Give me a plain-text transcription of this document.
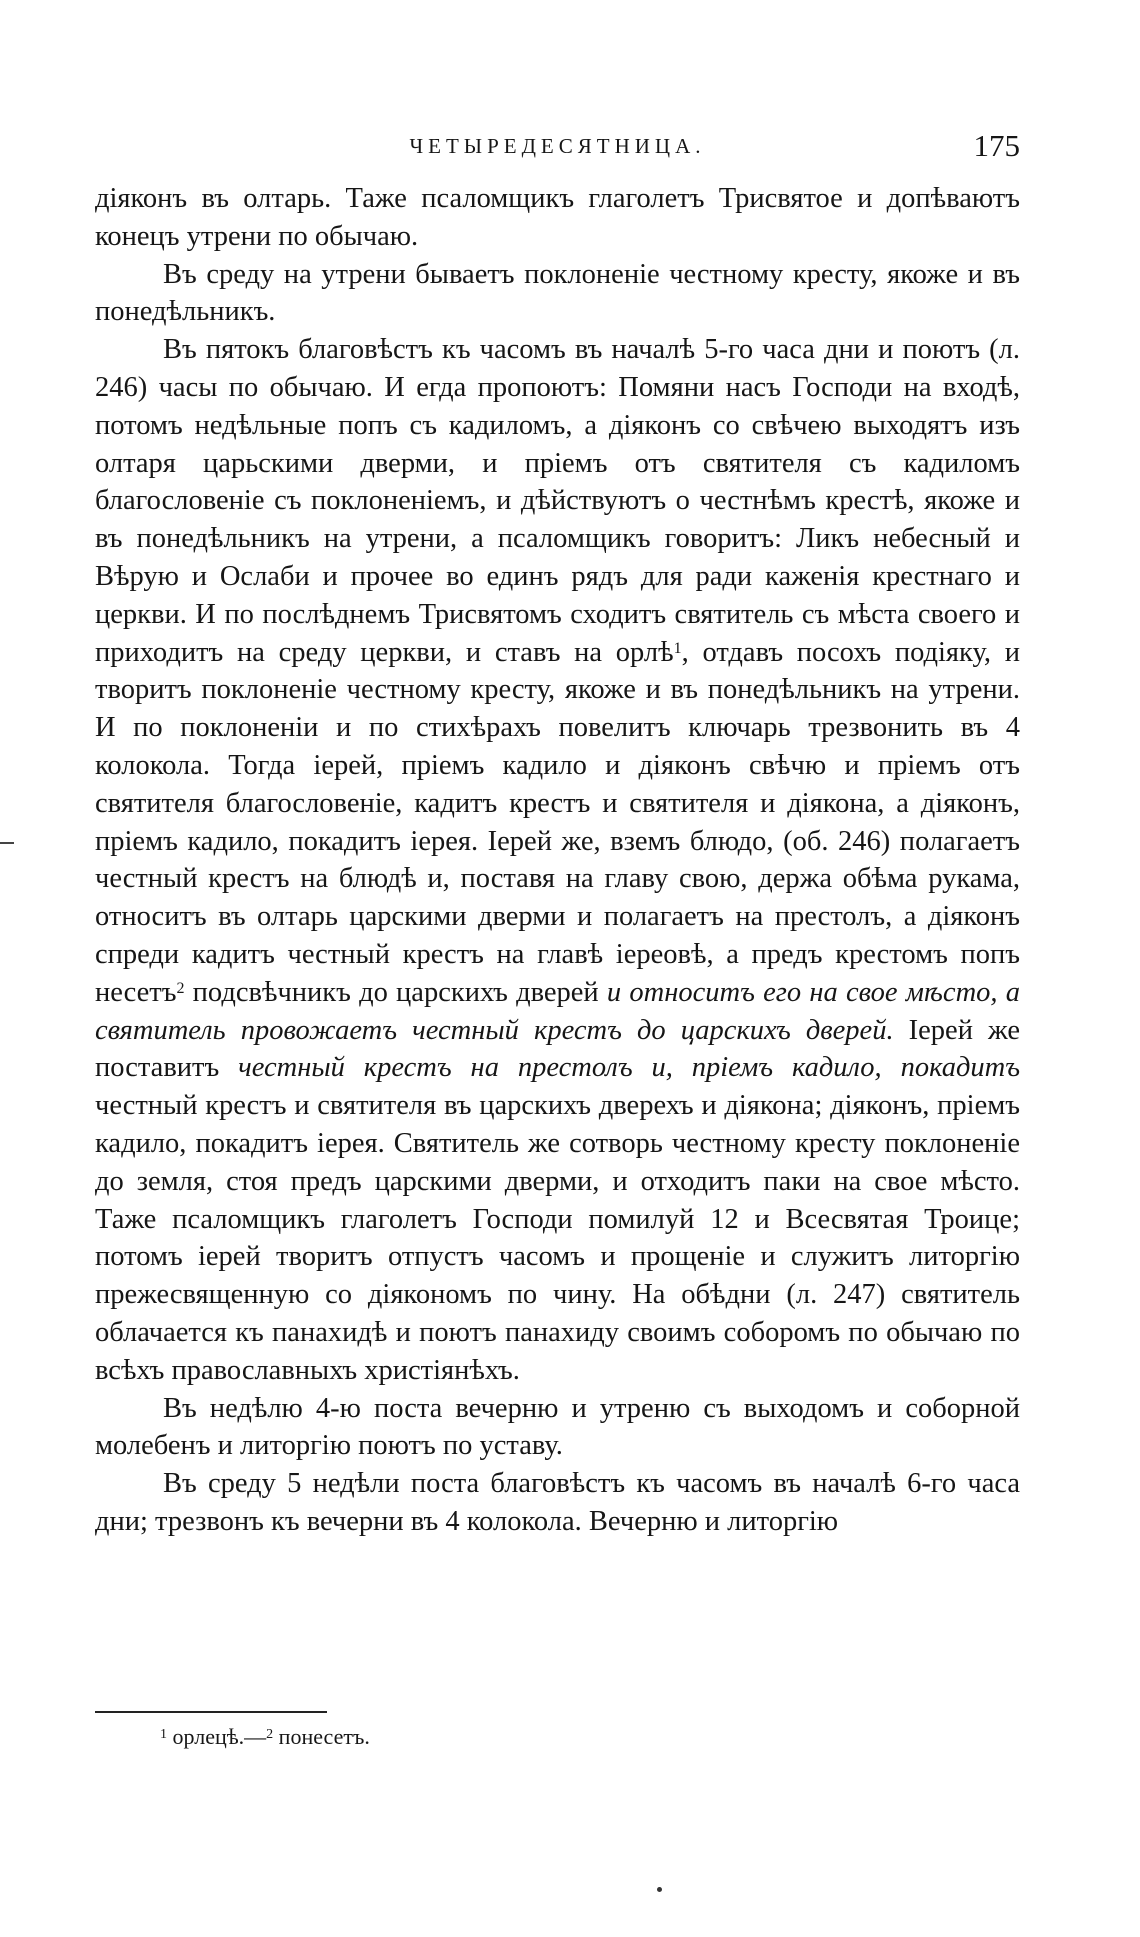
ЧЕТЫРЕДЕСЯТНИЦА.	175

діяконъ въ олтарь. Таже псаломщикъ глаголетъ Трисвятое и допѣваютъ конецъ утрени по обычаю.

Въ среду на утрени бываетъ поклоненіе честному кресту, якоже и въ понедѣльникъ.

Въ пятокъ благовѣстъ къ часомъ въ началѣ 5-го часа дни и поютъ (л. 246) часы по обычаю. И егда пропоютъ: Помяни насъ Господи на входѣ, потомъ недѣльные попъ съ кадиломъ, а діяконъ со свѣчею выходятъ изъ олтаря царьскими дверми, и пріемъ отъ святителя съ кадиломъ благословеніе съ поклоненіемъ, и дѣйствуютъ о честнѣмъ крестѣ, якоже и въ понедѣльникъ на утрени, а псаломщикъ говоритъ: Ликъ небесный и Вѣрую и Ослаби и прочее во единъ рядъ для ради каженія крестнаго и церкви. И по послѣднемъ Трисвятомъ сходитъ святитель съ мѣста своего и приходитъ на среду церкви, и ставъ на орлѣ$^1$, отдавъ посохъ подіяку, и творитъ поклоненіе честному кресту, якоже и въ понедѣльникъ на утрени. И по поклоненіи и по стихѣрахъ повелитъ ключарь трезвонить въ 4 колокола. Тогда іерей, пріемъ кадило и діяконъ свѣчю и пріемъ отъ святителя благословеніе, кадитъ крестъ и святителя и діякона, а діяконъ, пріемъ кадило, покадитъ іерея. Іерей же, вземъ блюдо, (об. 246) полагаетъ честный крестъ на блюдѣ и, поставя на главу свою, держа обѣма рукама, относитъ въ олтарь царскими дверми и полагаетъ на престолъ, а діяконъ спреди кадитъ честный крестъ на главѣ іереовѣ, а предъ крестомъ попъ несетъ$^2$ подсвѣчникъ до царскихъ дверей и относитъ его на свое мѣсто, а святитель провожаетъ честный крестъ до царскихъ дверей. Іерей же поставитъ честный крестъ на престолъ и, пріемъ кадило, покадитъ честный крестъ и святителя въ царскихъ дверехъ и діякона; діяконъ, пріемъ кадило, покадитъ іерея. Святитель же сотворь честному кресту поклоненіе до земля, стоя предъ царскими дверми, и отходитъ паки на свое мѣсто. Таже псаломщикъ глаголетъ Господи помилуй 12 и Всесвятая Троице; потомъ іерей творитъ отпустъ часомъ и прощеніе и служитъ литоргію прежесвященную со діякономъ по чину. На обѣдни (л. 247) святитель облачается къ панахидѣ и поютъ панахиду своимъ соборомъ по обычаю по всѣхъ православныхъ христіянѣхъ.

Въ недѣлю 4-ю поста вечерню и утреню съ выходомъ и соборной молебенъ и литоргію поютъ по уставу.

Въ среду 5 недѣли поста благовѣстъ къ часомъ въ началѣ 6-го часа дни; трезвонъ къ вечерни въ 4 колокола. Вечерню и литоргію

$^1$ орлецѣ.—$^2$ понесетъ.
